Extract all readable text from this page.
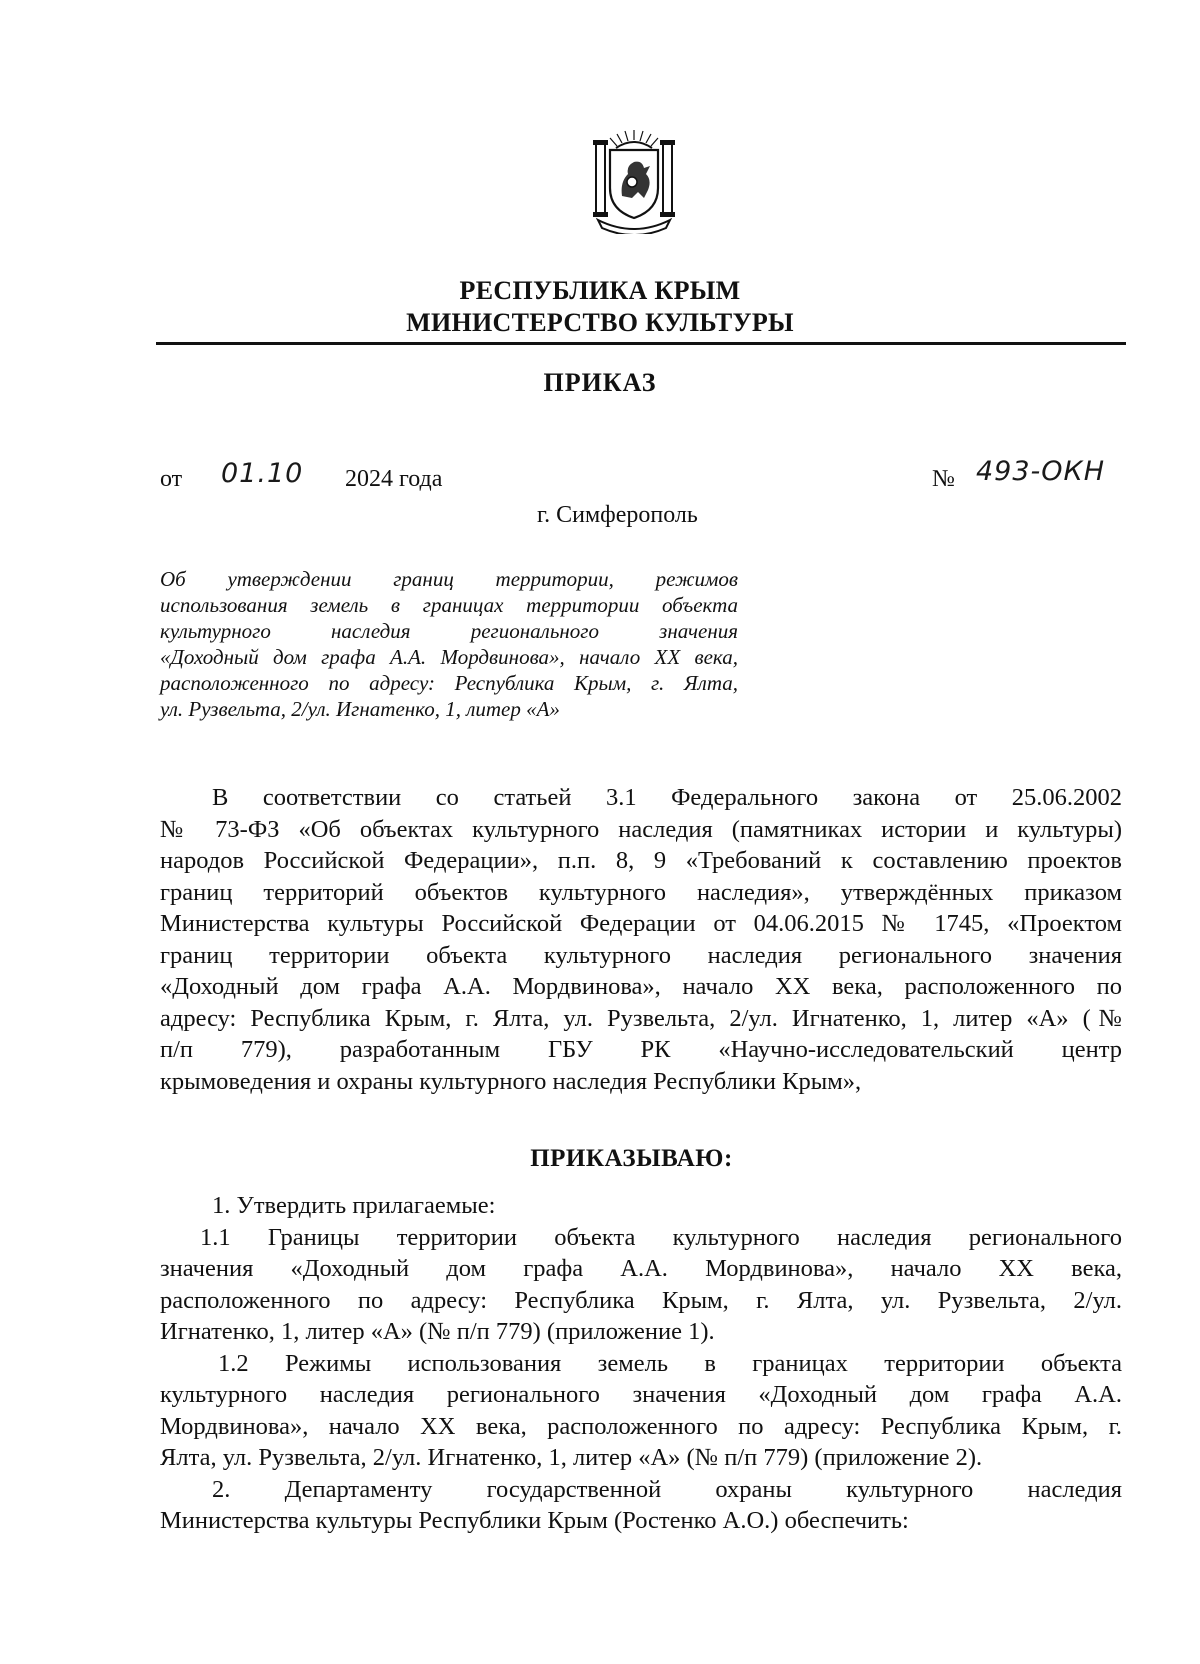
РЕСПУБЛИКА КРЫМ
МИНИСТЕРСТВО КУЛЬТУРЫ
ПРИКАЗ
от 01.10 2024 года	№ 493-ОКН
г. Симферополь
Об утверждении границ территории, режимов
использования земель в границах территории объекта
культурного наследия регионального значения
«Доходный дом графа А.А. Мордвинова», начало XX века,
расположенного по адресу: Республика Крым, г. Ялта,
ул. Рузвельта, 2/ул. Игнатенко, 1, литер «А»
В соответствии со статьей 3.1 Федерального закона от 25.06.2002
№ 73-ФЗ «Об объектах культурного наследия (памятниках истории и культуры)
народов Российской Федерации», п.п. 8, 9 «Требований к составлению проектов
границ территорий объектов культурного наследия», утверждённых приказом
Министерства культуры Российской Федерации от 04.06.2015 № 1745, «Проектом
границ территории объекта культурного наследия регионального значения
«Доходный дом графа А.А. Мордвинова», начало XX века, расположенного по
адресу: Республика Крым, г. Ялта, ул. Рузвельта, 2/ул. Игнатенко, 1, литер «А» (№
п/п 779), разработанным ГБУ РК «Научно-исследовательский центр
крымоведения и охраны культурного наследия Республики Крым»,
ПРИКАЗЫВАЮ:
1. Утвердить прилагаемые:
1.1 Границы территории объекта культурного наследия регионального
значения «Доходный дом графа А.А. Мордвинова», начало XX века,
расположенного по адресу: Республика Крым, г. Ялта, ул. Рузвельта, 2/ул.
Игнатенко, 1, литер «А» (№ п/п 779) (приложение 1).
1.2 Режимы использования земель в границах территории объекта
культурного наследия регионального значения «Доходный дом графа А.А.
Мордвинова», начало XX века, расположенного по адресу: Республика Крым, г.
Ялта, ул. Рузвельта, 2/ул. Игнатенко, 1, литер «А» (№ п/п 779) (приложение 2).
2. Департаменту государственной охраны культурного наследия
Министерства культуры Республики Крым (Ростенко А.О.) обеспечить:
